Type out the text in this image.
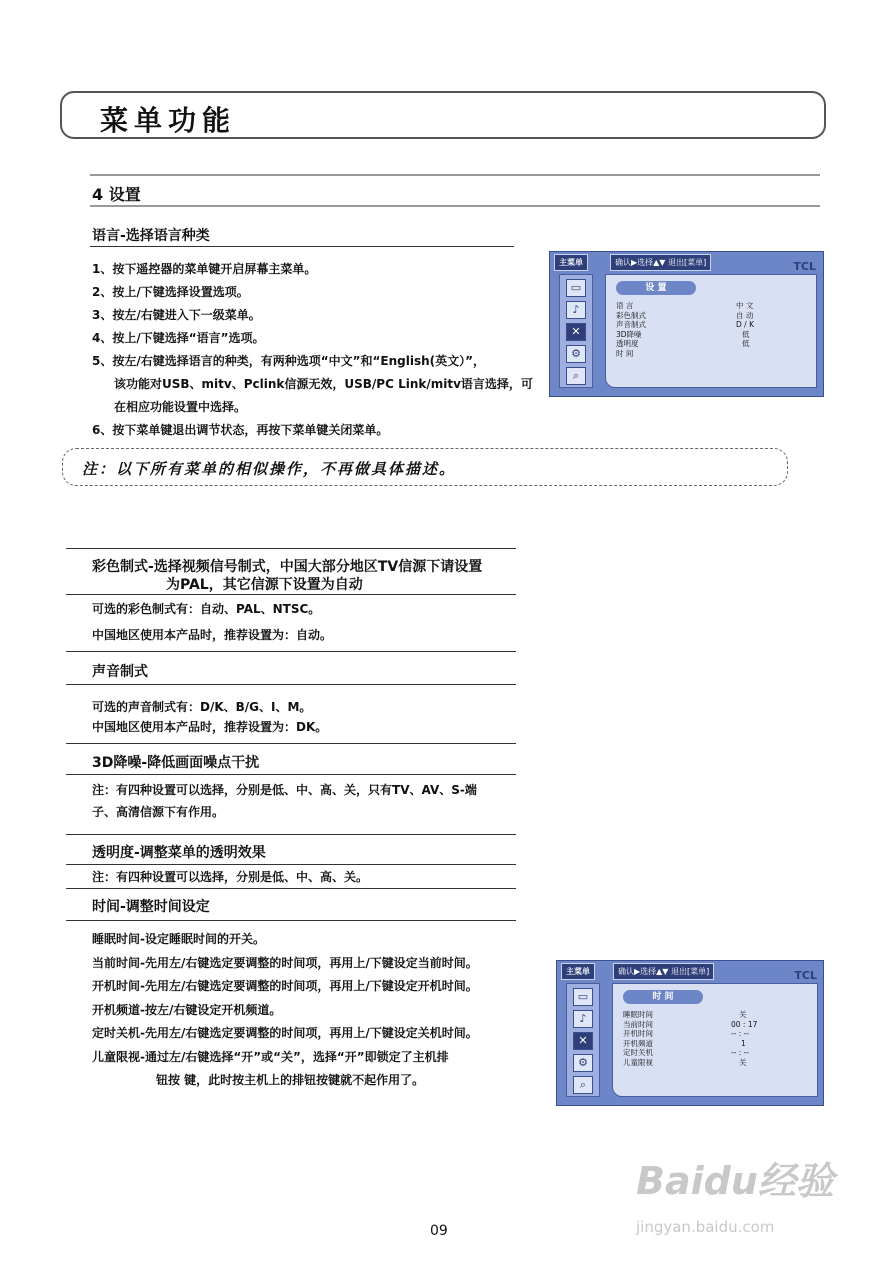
菜单功能
4 设置
语言-选择语言种类
1、按下遥控器的菜单键开启屏幕主菜单。
2、按上/下键选择设置选项。
3、按左/右键进入下一级菜单。
4、按上/下键选择“语言”选项。
5、按左/右键选择语言的种类，有两种选项“中文”和“English(英文）”，
该功能对USB、mitv、Pclink信源无效，USB/PC Link/mitv语言选择，可
在相应功能设置中选择。
6、按下菜单键退出调节状态，再按下菜单键关闭菜单。
主菜单	确认▶选择▲▼ 退出[菜单]	TCL
▭
♪
✕
⚙
⌕
设 置
语 言	中 文
彩色制式	自 动
声音制式	D / K
3D降噪	低
透明度	低
时 间
注：以下所有菜单的相似操作，不再做具体描述。
彩色制式-选择视频信号制式，中国大部分地区TV信源下请设置
为PAL，其它信源下设置为自动
可选的彩色制式有：自动、PAL、NTSC。
中国地区使用本产品时，推荐设置为：自动。
声音制式
可选的声音制式有：D/K、B/G、I、M。
中国地区使用本产品时，推荐设置为：DK。
3D降噪-降低画面噪点干扰
注：有四种设置可以选择，分别是低、中、高、关，只有TV、AV、S-端
子、高清信源下有作用。
透明度-调整菜单的透明效果
注：有四种设置可以选择，分别是低、中、高、关。
时间-调整时间设定
睡眠时间-设定睡眠时间的开关。
当前时间-先用左/右键选定要调整的时间项，再用上/下键设定当前时间。
开机时间-先用左/右键选定要调整的时间项，再用上/下键设定开机时间。
开机频道-按左/右键设定开机频道。
定时关机-先用左/右键选定要调整的时间项，再用上/下键设定关机时间。
儿童限视-通过左/右键选择“开”或“关”，选择“开”即锁定了主机排
钮按 键，此时按主机上的排钮按键就不起作用了。
主菜单	确认▶选择▲▼ 退出[菜单]	TCL
▭
♪
✕
⚙
⌕
时 间
睡眠时间	关
当前时间	00 : 17
开机时间	-- : --
开机频道	1
定时关机	-- : --
儿童限视	关
Baidu经验
jingyan.baidu.com
09
